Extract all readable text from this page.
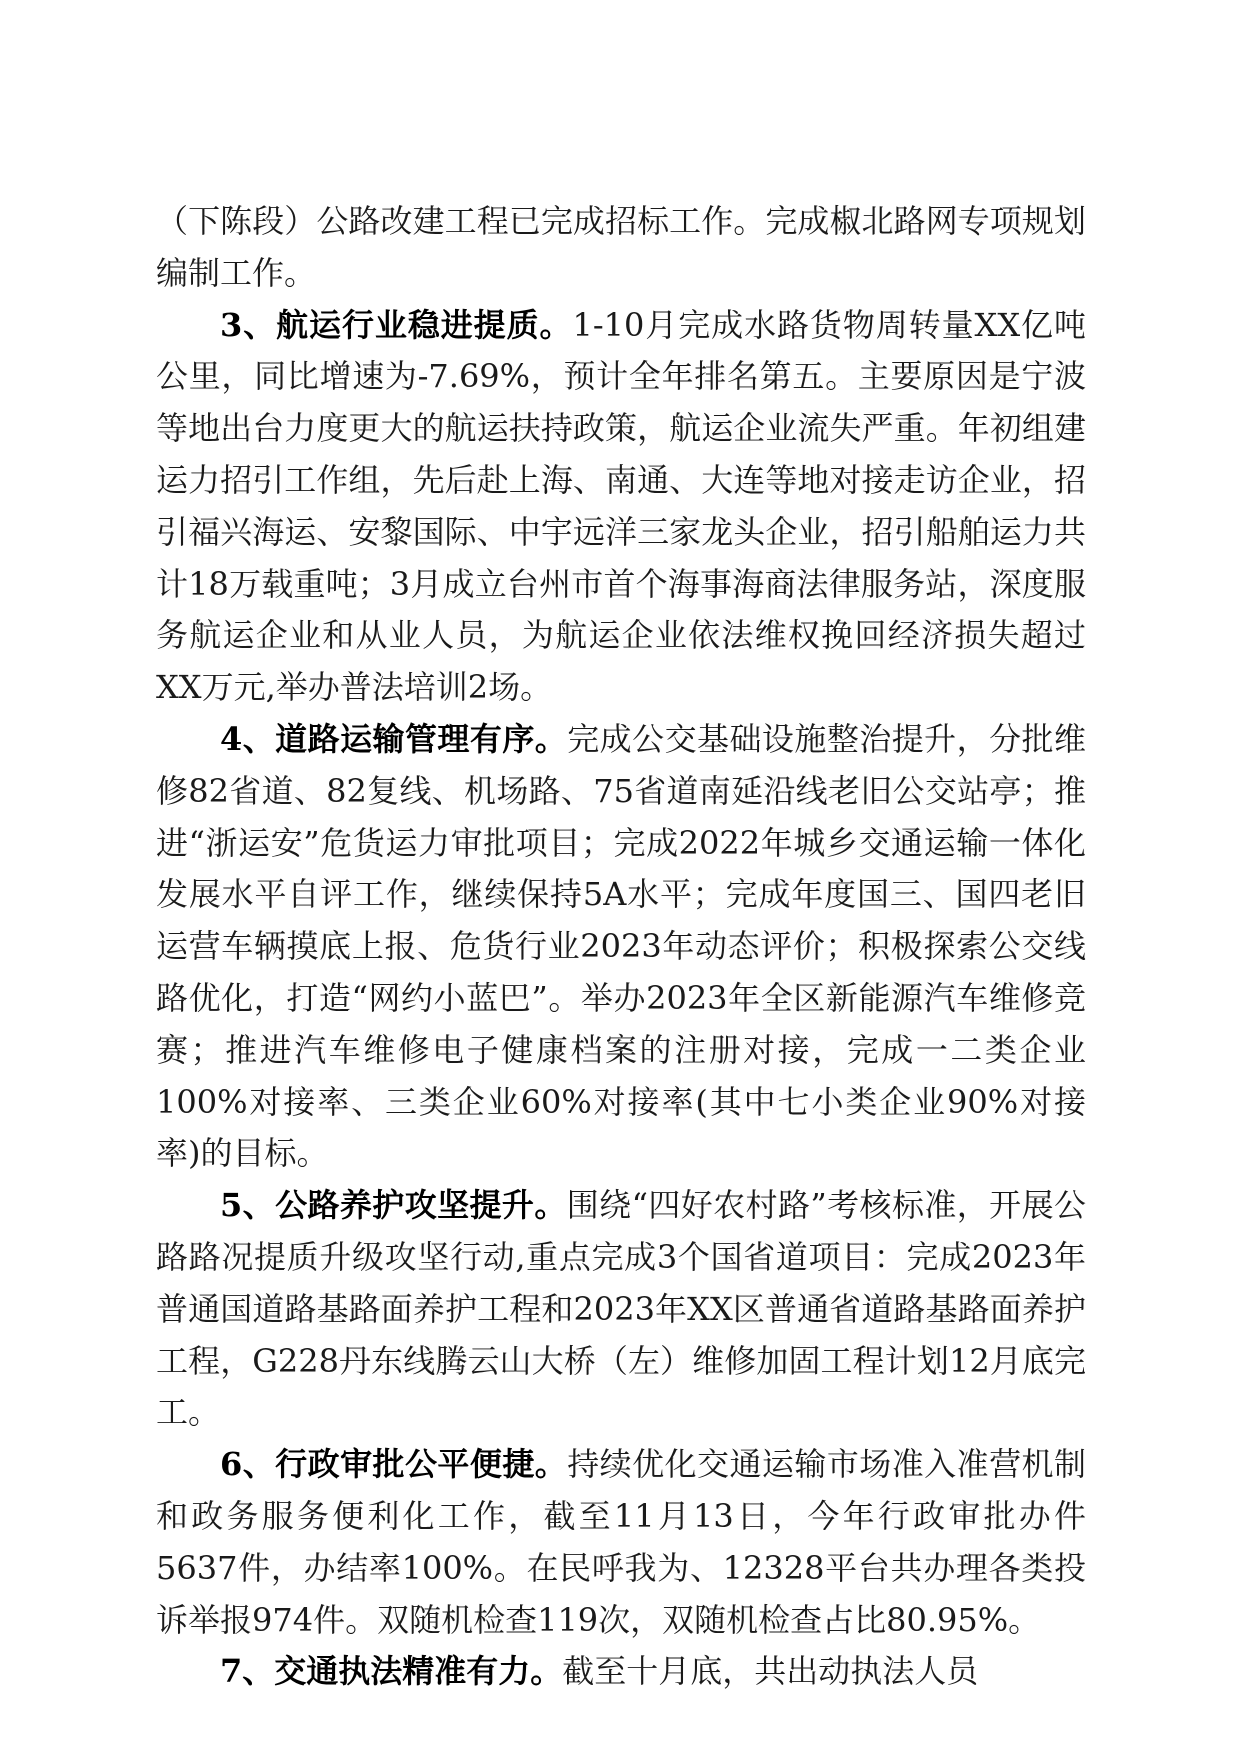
（下陈段）公路改建工程已完成招标工作。完成椒北路网专项规划编制工作。

3、航运行业稳进提质。1-10月完成水路货物周转量XX亿吨公里，同比增速为-7.69%，预计全年排名第五。主要原因是宁波等地出台力度更大的航运扶持政策，航运企业流失严重。年初组建运力招引工作组，先后赴上海、南通、大连等地对接走访企业，招引福兴海运、安黎国际、中宇远洋三家龙头企业，招引船舶运力共计18万载重吨；3月成立台州市首个海事海商法律服务站，深度服务航运企业和从业人员，为航运企业依法维权挽回经济损失超过XX万元,举办普法培训2场。

4、道路运输管理有序。完成公交基础设施整治提升，分批维修82省道、82复线、机场路、75省道南延沿线老旧公交站亭；推进“浙运安”危货运力审批项目；完成2022年城乡交通运输一体化发展水平自评工作，继续保持5A水平；完成年度国三、国四老旧运营车辆摸底上报、危货行业2023年动态评价；积极探索公交线路优化，打造“网约小蓝巴”。举办2023年全区新能源汽车维修竞赛；推进汽车维修电子健康档案的注册对接，完成一二类企业100%对接率、三类企业60%对接率(其中七小类企业90%对接率)的目标。

5、公路养护攻坚提升。围绕“四好农村路”考核标准，开展公路路况提质升级攻坚行动,重点完成3个国省道项目：完成2023年普通国道路基路面养护工程和2023年XX区普通省道路基路面养护工程，G228丹东线腾云山大桥（左）维修加固工程计划12月底完工。

6、行政审批公平便捷。持续优化交通运输市场准入准营机制和政务服务便利化工作，截至11月13日，今年行政审批办件5637件，办结率100%。在民呼我为、12328平台共办理各类投诉举报974件。双随机检查119次，双随机检查占比80.95%。

7、交通执法精准有力。截至十月底，共出动执法人员
